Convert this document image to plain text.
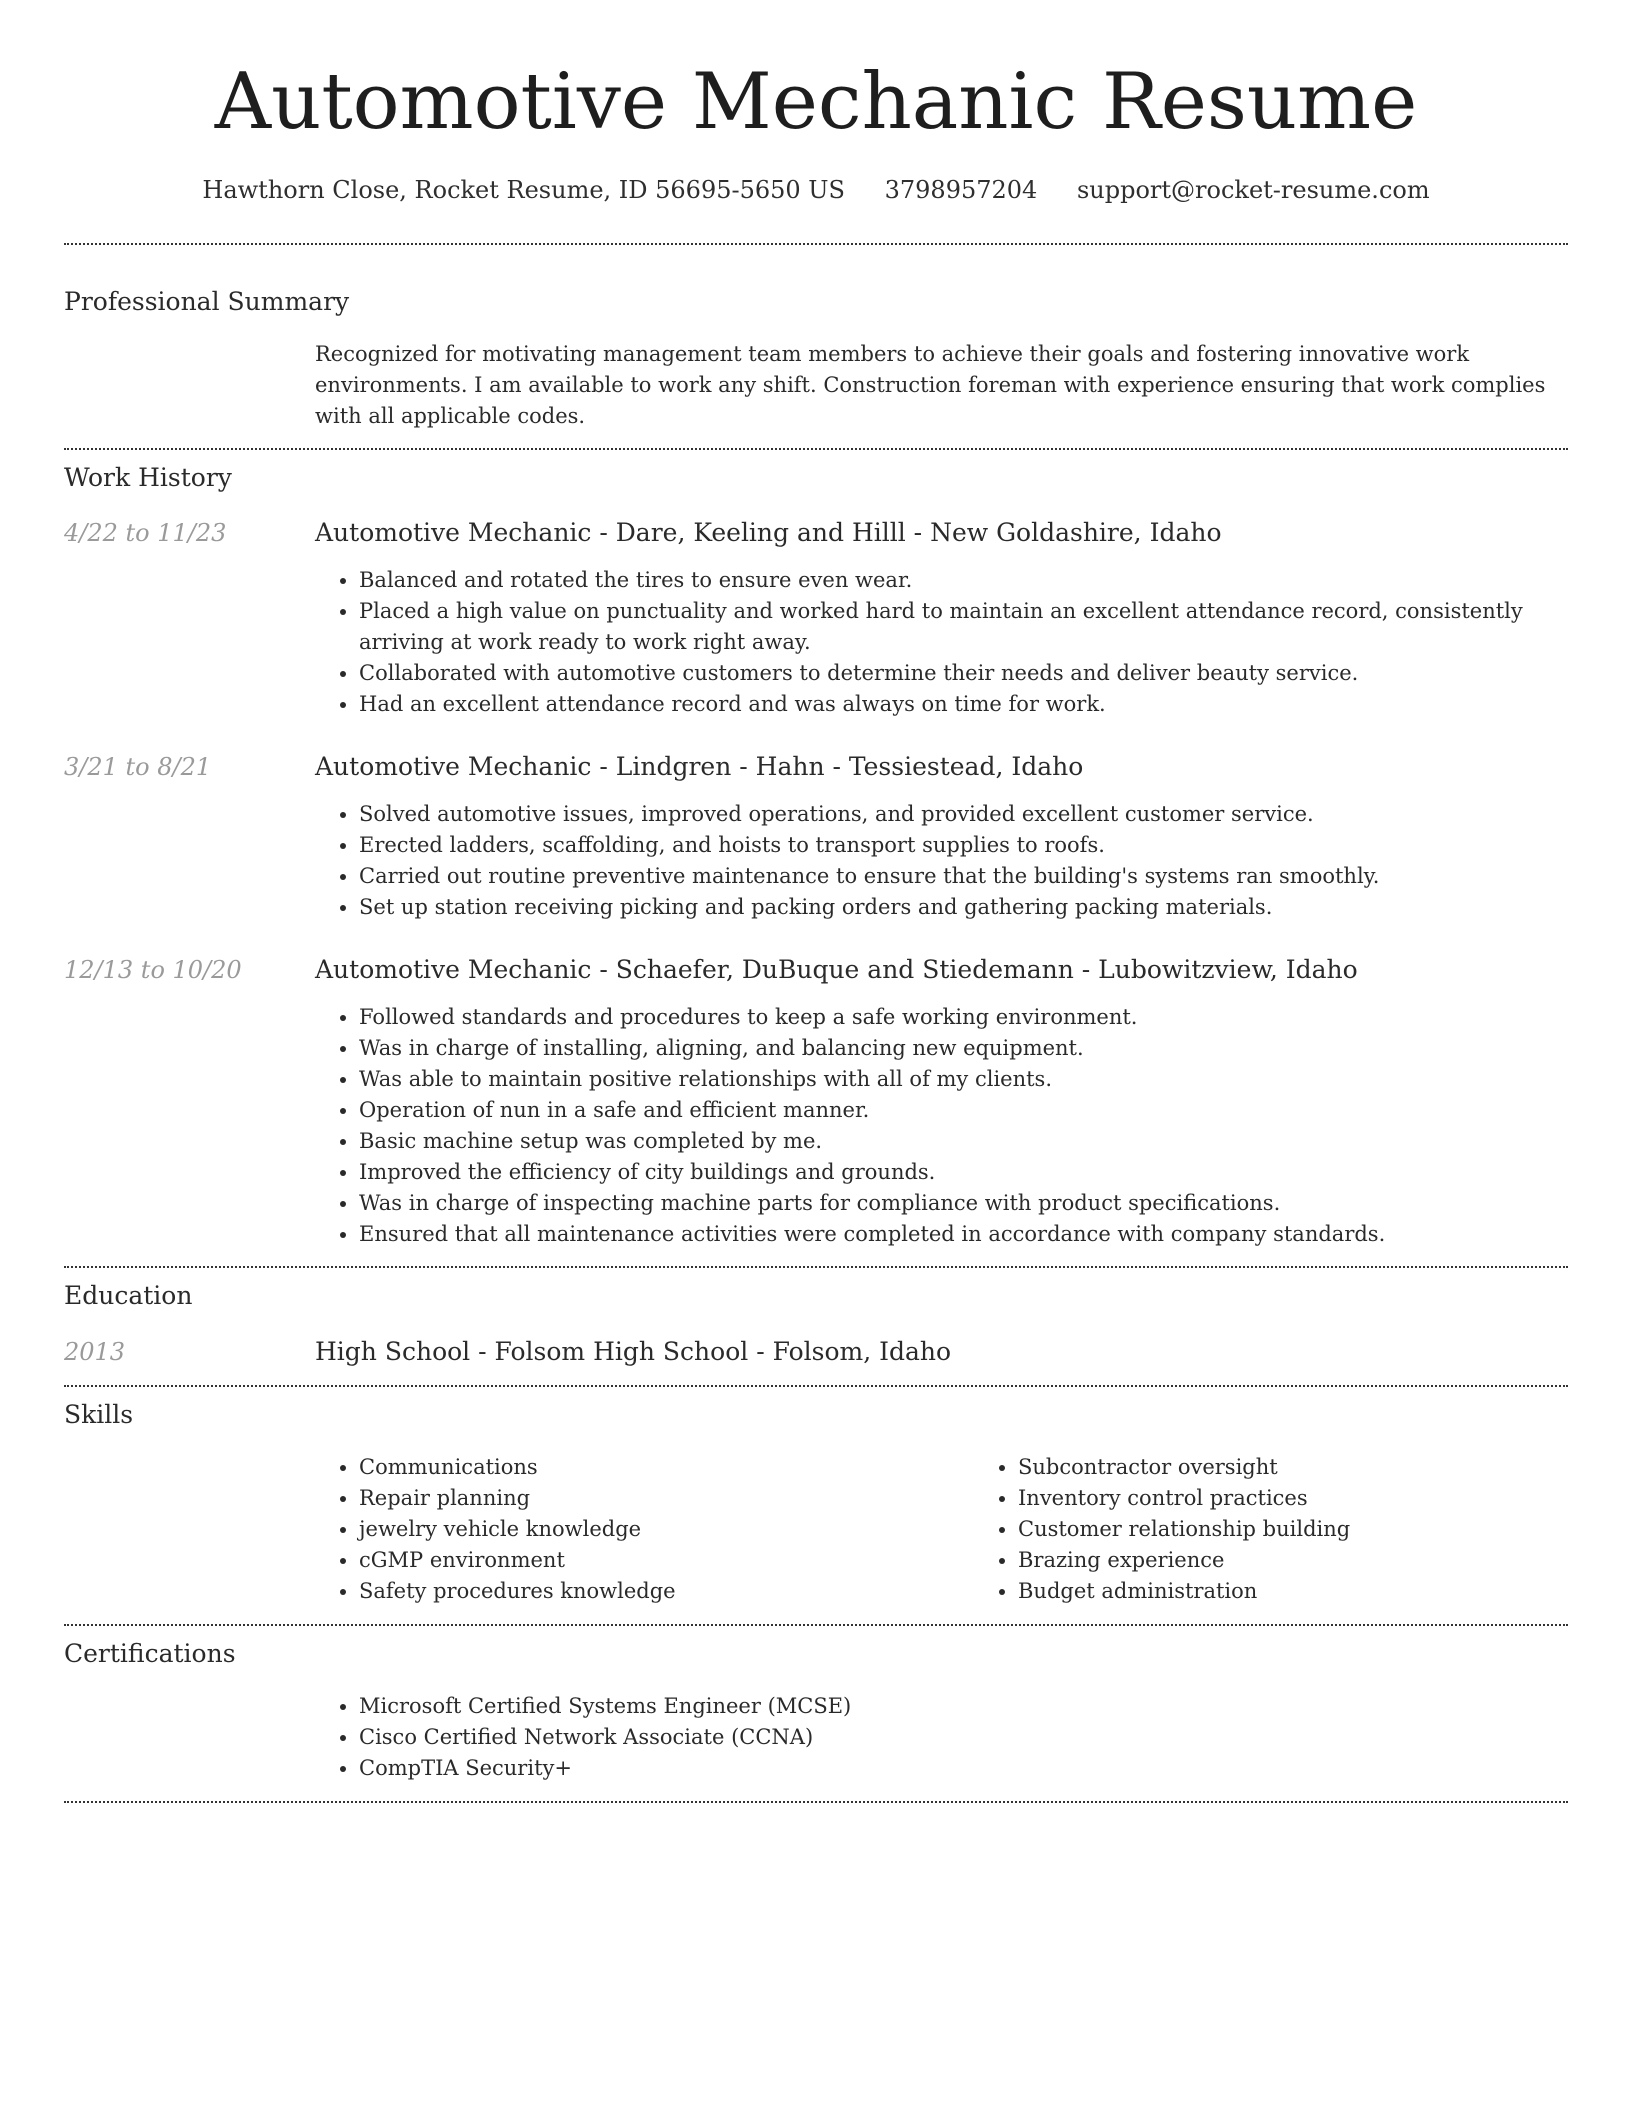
Automotive Mechanic Resume
Hawthorn Close, Rocket Resume, ID 56695-5650 US 3798957204 support@rocket-resume.com
Professional Summary
Recognized for motivating management team members to achieve their goals and fostering innovative work environments. I am available to work any shift. Construction foreman with experience ensuring that work complies with all applicable codes.
Work History
4/22 to 11/23	Automotive Mechanic - Dare, Keeling and Hilll - New Goldashire, Idaho
• Balanced and rotated the tires to ensure even wear.
• Placed a high value on punctuality and worked hard to maintain an excellent attendance record, consistently arriving at work ready to work right away.
• Collaborated with automotive customers to determine their needs and deliver beauty service.
• Had an excellent attendance record and was always on time for work.
3/21 to 8/21	Automotive Mechanic - Lindgren - Hahn - Tessiestead, Idaho
• Solved automotive issues, improved operations, and provided excellent customer service.
• Erected ladders, scaffolding, and hoists to transport supplies to roofs.
• Carried out routine preventive maintenance to ensure that the building's systems ran smoothly.
• Set up station receiving picking and packing orders and gathering packing materials.
12/13 to 10/20	Automotive Mechanic - Schaefer, DuBuque and Stiedemann - Lubowitzview, Idaho
• Followed standards and procedures to keep a safe working environment.
• Was in charge of installing, aligning, and balancing new equipment.
• Was able to maintain positive relationships with all of my clients.
• Operation of nun in a safe and efficient manner.
• Basic machine setup was completed by me.
• Improved the efficiency of city buildings and grounds.
• Was in charge of inspecting machine parts for compliance with product specifications.
• Ensured that all maintenance activities were completed in accordance with company standards.
Education
2013	High School - Folsom High School - Folsom, Idaho
Skills
• Communications
• Repair planning
• jewelry vehicle knowledge
• cGMP environment
• Safety procedures knowledge
• Subcontractor oversight
• Inventory control practices
• Customer relationship building
• Brazing experience
• Budget administration
Certifications
• Microsoft Certified Systems Engineer (MCSE)
• Cisco Certified Network Associate (CCNA)
• CompTIA Security+
